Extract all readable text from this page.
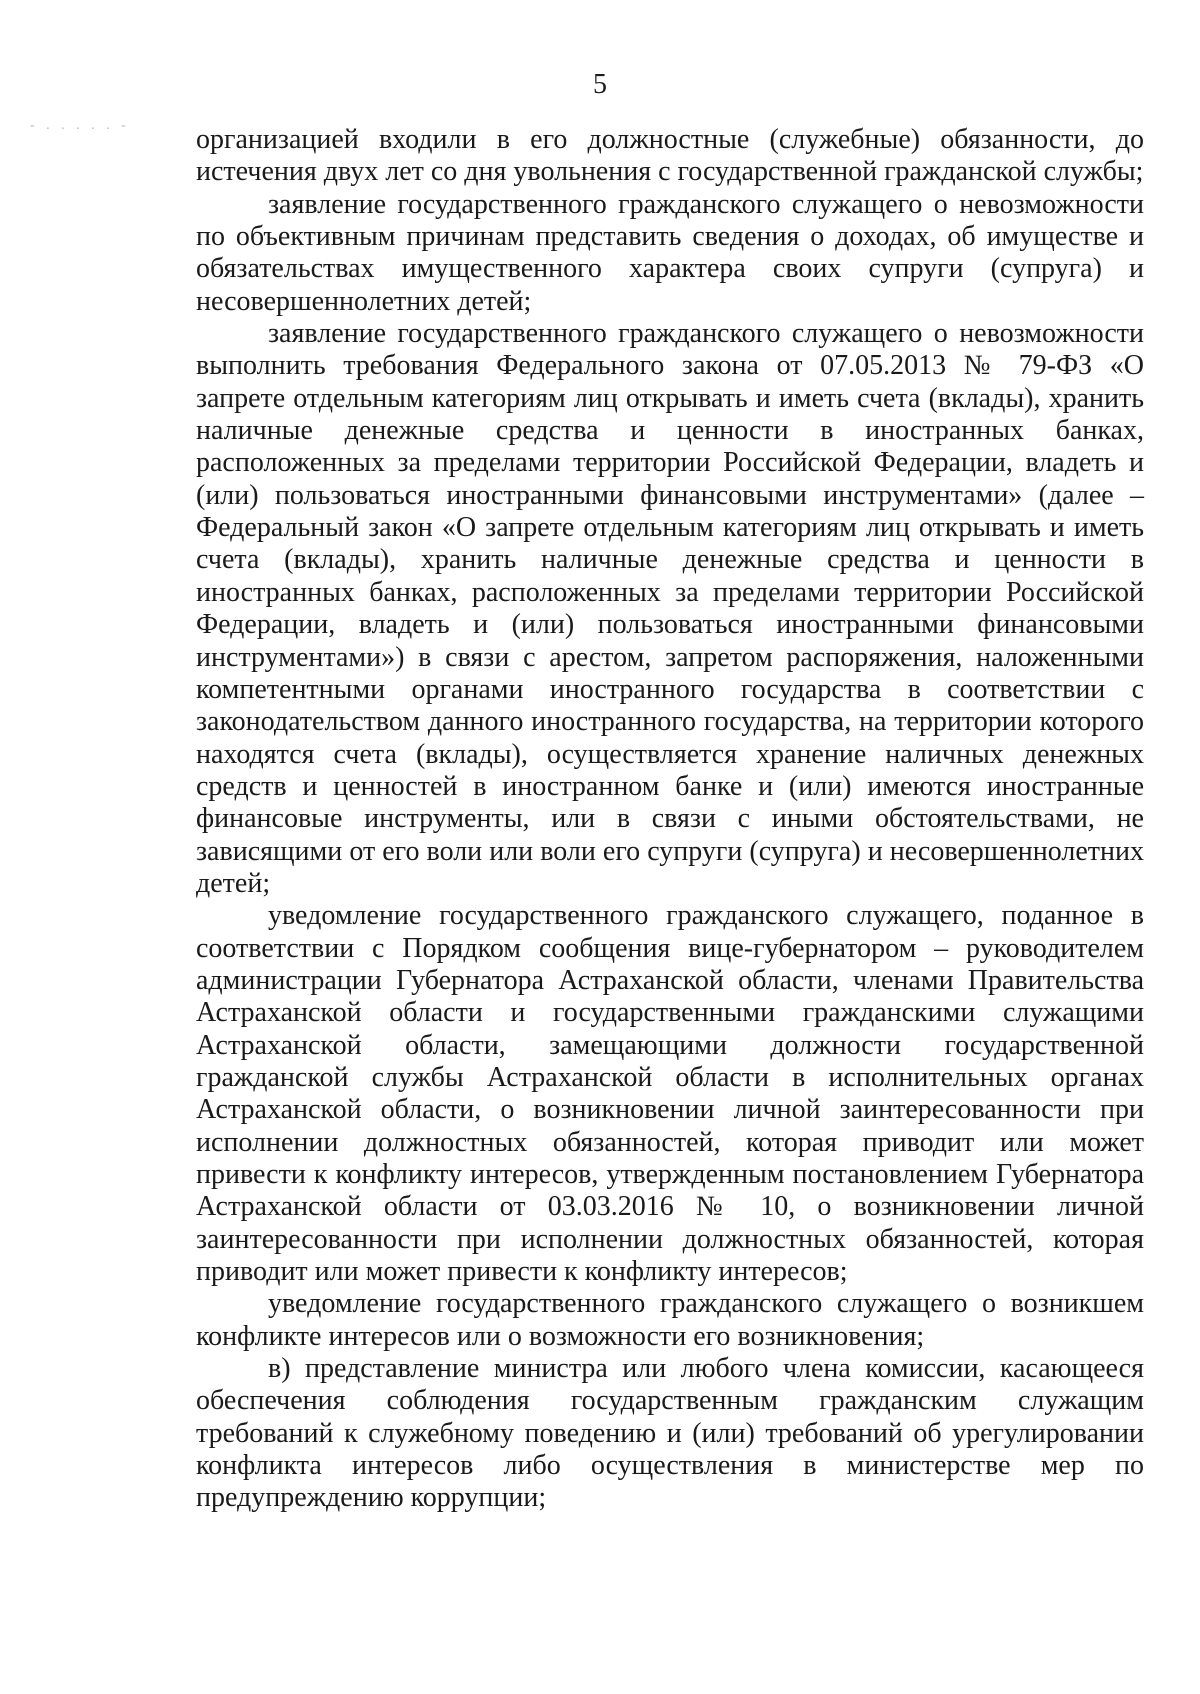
5
- . . . . . - организацией входили в его должностные (служебные) обязанности, до истечения двух лет со дня увольнения с государственной гражданской службы;

заявление государственного гражданского служащего о невозможности по объективным причинам представить сведения о доходах, об имуществе и обязательствах имущественного характера своих супруги (супруга) и несовершеннолетних детей;

заявление государственного гражданского служащего о невозможности выполнить требования Федерального закона от 07.05.2013 № 79-ФЗ «О запрете отдельным категориям лиц открывать и иметь счета (вклады), хранить наличные денежные средства и ценности в иностранных банках, расположенных за пределами территории Российской Федерации, владеть и (или) пользоваться иностранными финансовыми инструментами» (далее – Федеральный закон «О запрете отдельным категориям лиц открывать и иметь счета (вклады), хранить наличные денежные средства и ценности в иностранных банках, расположенных за пределами территории Российской Федерации, владеть и (или) пользоваться иностранными финансовыми инструментами») в связи с арестом, запретом распоряжения, наложенными компетентными органами иностранного государства в соответствии с законодательством данного иностранного государства, на территории которого находятся счета (вклады), осуществляется хранение наличных денежных средств и ценностей в иностранном банке и (или) имеются иностранные финансовые инструменты, или в связи с иными обстоятельствами, не зависящими от его воли или воли его супруги (супруга) и несовершеннолетних детей;

уведомление государственного гражданского служащего, поданное в соответствии с Порядком сообщения вице-губернатором – руководителем администрации Губернатора Астраханской области, членами Правительства Астраханской области и государственными гражданскими служащими Астраханской области, замещающими должности государственной гражданской службы Астраханской области в исполнительных органах Астраханской области, о возникновении личной заинтересованности при исполнении должностных обязанностей, которая приводит или может привести к конфликту интересов, утвержденным постановлением Губернатора Астраханской области от 03.03.2016 № 10, о возникновении личной заинтересованности при исполнении должностных обязанностей, которая приводит или может привести к конфликту интересов;

уведомление государственного гражданского служащего о возникшем конфликте интересов или о возможности его возникновения;

в) представление министра или любого члена комиссии, касающееся обеспечения соблюдения государственным гражданским служащим требований к служебному поведению и (или) требований об урегулировании конфликта интересов либо осуществления в министерстве мер по предупреждению коррупции;
